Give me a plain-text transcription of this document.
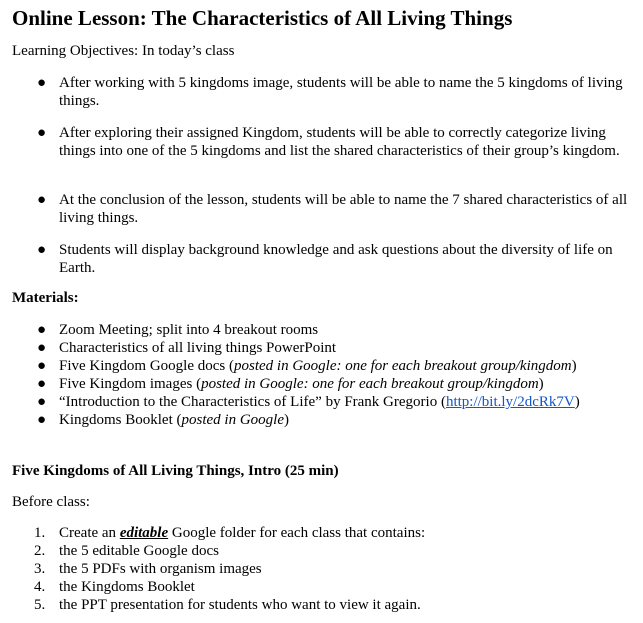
Online Lesson: The Characteristics of All Living Things
Learning Objectives: In today’s class
● After working with 5 kingdoms image, students will be able to name the 5 kingdoms of living things.
● After exploring their assigned Kingdom, students will be able to correctly categorize living things into one of the 5 kingdoms and list the shared characteristics of their group’s kingdom.
● At the conclusion of the lesson, students will be able to name the 7 shared characteristics of all living things.
● Students will display background knowledge and ask questions about the diversity of life on Earth.
Materials:
● Zoom Meeting; split into 4 breakout rooms
● Characteristics of all living things PowerPoint
● Five Kingdom Google docs (posted in Google: one for each breakout group/kingdom)
● Five Kingdom images (posted in Google: one for each breakout group/kingdom)
● “Introduction to the Characteristics of Life” by Frank Gregorio (http://bit.ly/2dcRk7V)
● Kingdoms Booklet (posted in Google)
Five Kingdoms of All Living Things, Intro (25 min)
Before class:
1. Create an editable Google folder for each class that contains:
2. the 5 editable Google docs
3. the 5 PDFs with organism images
4. the Kingdoms Booklet
5. the PPT presentation for students who want to view it again.
